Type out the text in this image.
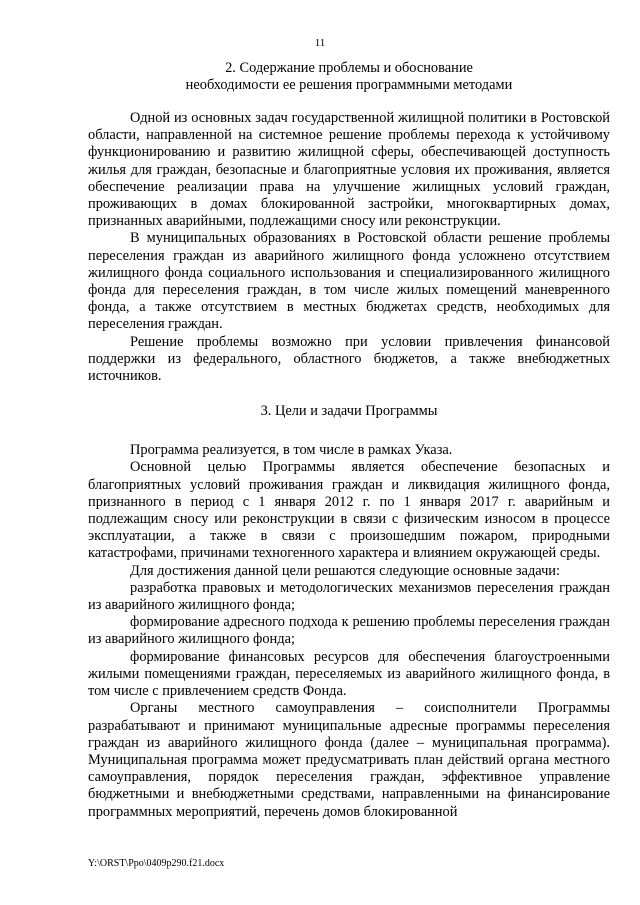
11
2. Содержание проблемы и обоснование
необходимости ее решения программными методами

Одной из основных задач государственной жилищной политики в Ростовской области, направленной на системное решение проблемы перехода к устойчивому функционированию и развитию жилищной сферы, обеспечивающей доступность жилья для граждан, безопасные и благоприятные условия их проживания, является обеспечение реализации права на улучшение жилищных условий граждан, проживающих в домах блокированной застройки, многоквартирных домах, признанных аварийными, подлежащими сносу или реконструкции.

В муниципальных образованиях в Ростовской области решение проблемы переселения граждан из аварийного жилищного фонда усложнено отсутствием жилищного фонда социального использования и специализированного жилищного фонда для переселения граждан, в том числе жилых помещений маневренного фонда, а также отсутствием в местных бюджетах средств, необходимых для переселения граждан.

Решение проблемы возможно при условии привлечения финансовой поддержки из федерального, областного бюджетов, а также внебюджетных источников.

3. Цели и задачи Программы

Программа реализуется, в том числе в рамках Указа.

Основной целью Программы является обеспечение безопасных и благоприятных условий проживания граждан и ликвидация жилищного фонда, признанного в период с 1 января 2012 г. по 1 января 2017 г. аварийным и подлежащим сносу или реконструкции в связи с физическим износом в процессе эксплуатации, а также в связи с произошедшим пожаром, природными катастрофами, причинами техногенного характера и влиянием окружающей среды.

Для достижения данной цели решаются следующие основные задачи:

разработка правовых и методологических механизмов переселения граждан из аварийного жилищного фонда;

формирование адресного подхода к решению проблемы переселения граждан из аварийного жилищного фонда;

формирование финансовых ресурсов для обеспечения благоустроенными жилыми помещениями граждан, переселяемых из аварийного жилищного фонда, в том числе с привлечением средств Фонда.

Органы местного самоуправления – соисполнители Программы разрабатывают и принимают муниципальные адресные программы переселения граждан из аварийного жилищного фонда (далее – муниципальная программа). Муниципальная программа может предусматривать план действий органа местного самоуправления, порядок переселения граждан, эффективное управление бюджетными и внебюджетными средствами, направленными на финансирование программных мероприятий, перечень домов блокированной

Y:\ORST\Ppo\0409p290.f21.docx
